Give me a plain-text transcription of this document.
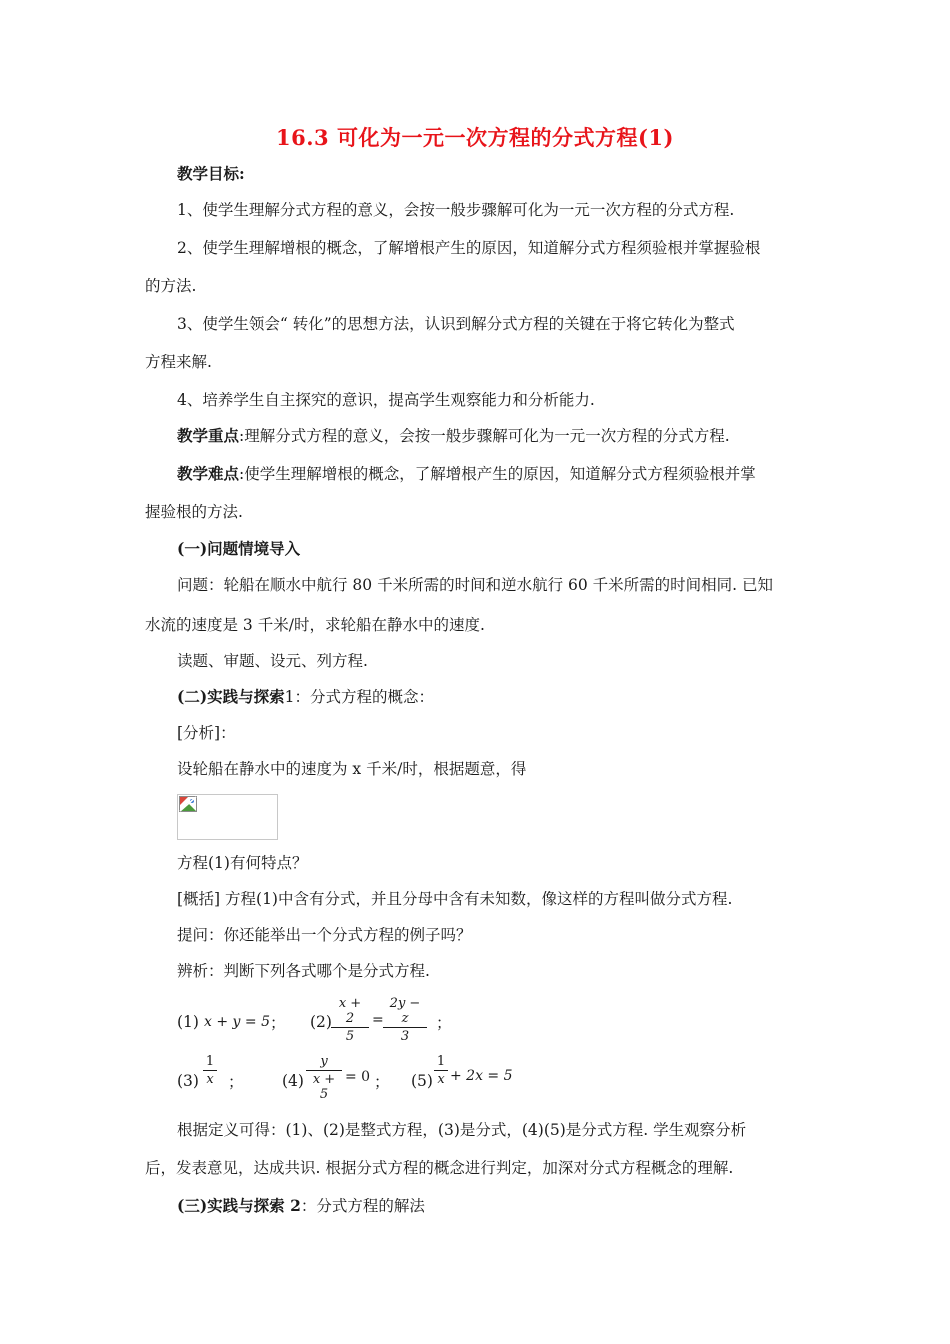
16.3 可化为一元一次方程的分式方程(1)
教学目标:
1、使学生理解分式方程的意义，会按一般步骤解可化为一元一次方程的分式方程.
2、使学生理解增根的概念，了解增根产生的原因，知道解分式方程须验根并掌握验根
的方法.
3、使学生领会“ 转化”的思想方法，认识到解分式方程的关键在于将它转化为整式
方程来解.
4、培养学生自主探究的意识，提高学生观察能力和分析能力.
教学重点:理解分式方程的意义，会按一般步骤解可化为一元一次方程的分式方程.
教学难点:使学生理解增根的概念，了解增根产生的原因，知道解分式方程须验根并掌
握验根的方法.
(一)问题情境导入
问题：轮船在顺水中航行 80 千米所需的时间和逆水航行 60 千米所需的时间相同. 已知
水流的速度是 3 千米/时，求轮船在静水中的速度.
读题、审题、设元、列方程.
(二)实践与探索1：分式方程的概念：
[分析]：
设轮船在静水中的速度为 x 千米/时，根据题意，得
方程(1)有何特点？
[概括] 方程(1)中含有分式，并且分母中含有未知数，像这样的方程叫做分式方程.
提问：你还能举出一个分式方程的例子吗？
辨析：判断下列各式哪个是分式方程.
(1) x + y = 5 ； (2)
x + 2
5
=
2y − z
3
；
(3)
1
x ； (4)
y
x + 5
= 0 ； (5)
1
x + 2x = 5
根据定义可得：(1)、(2)是整式方程，(3)是分式，(4)(5)是分式方程. 学生观察分析
后，发表意见，达成共识. 根据分式方程的概念进行判定，加深对分式方程概念的理解.
(三)实践与探索 2：分式方程的解法
